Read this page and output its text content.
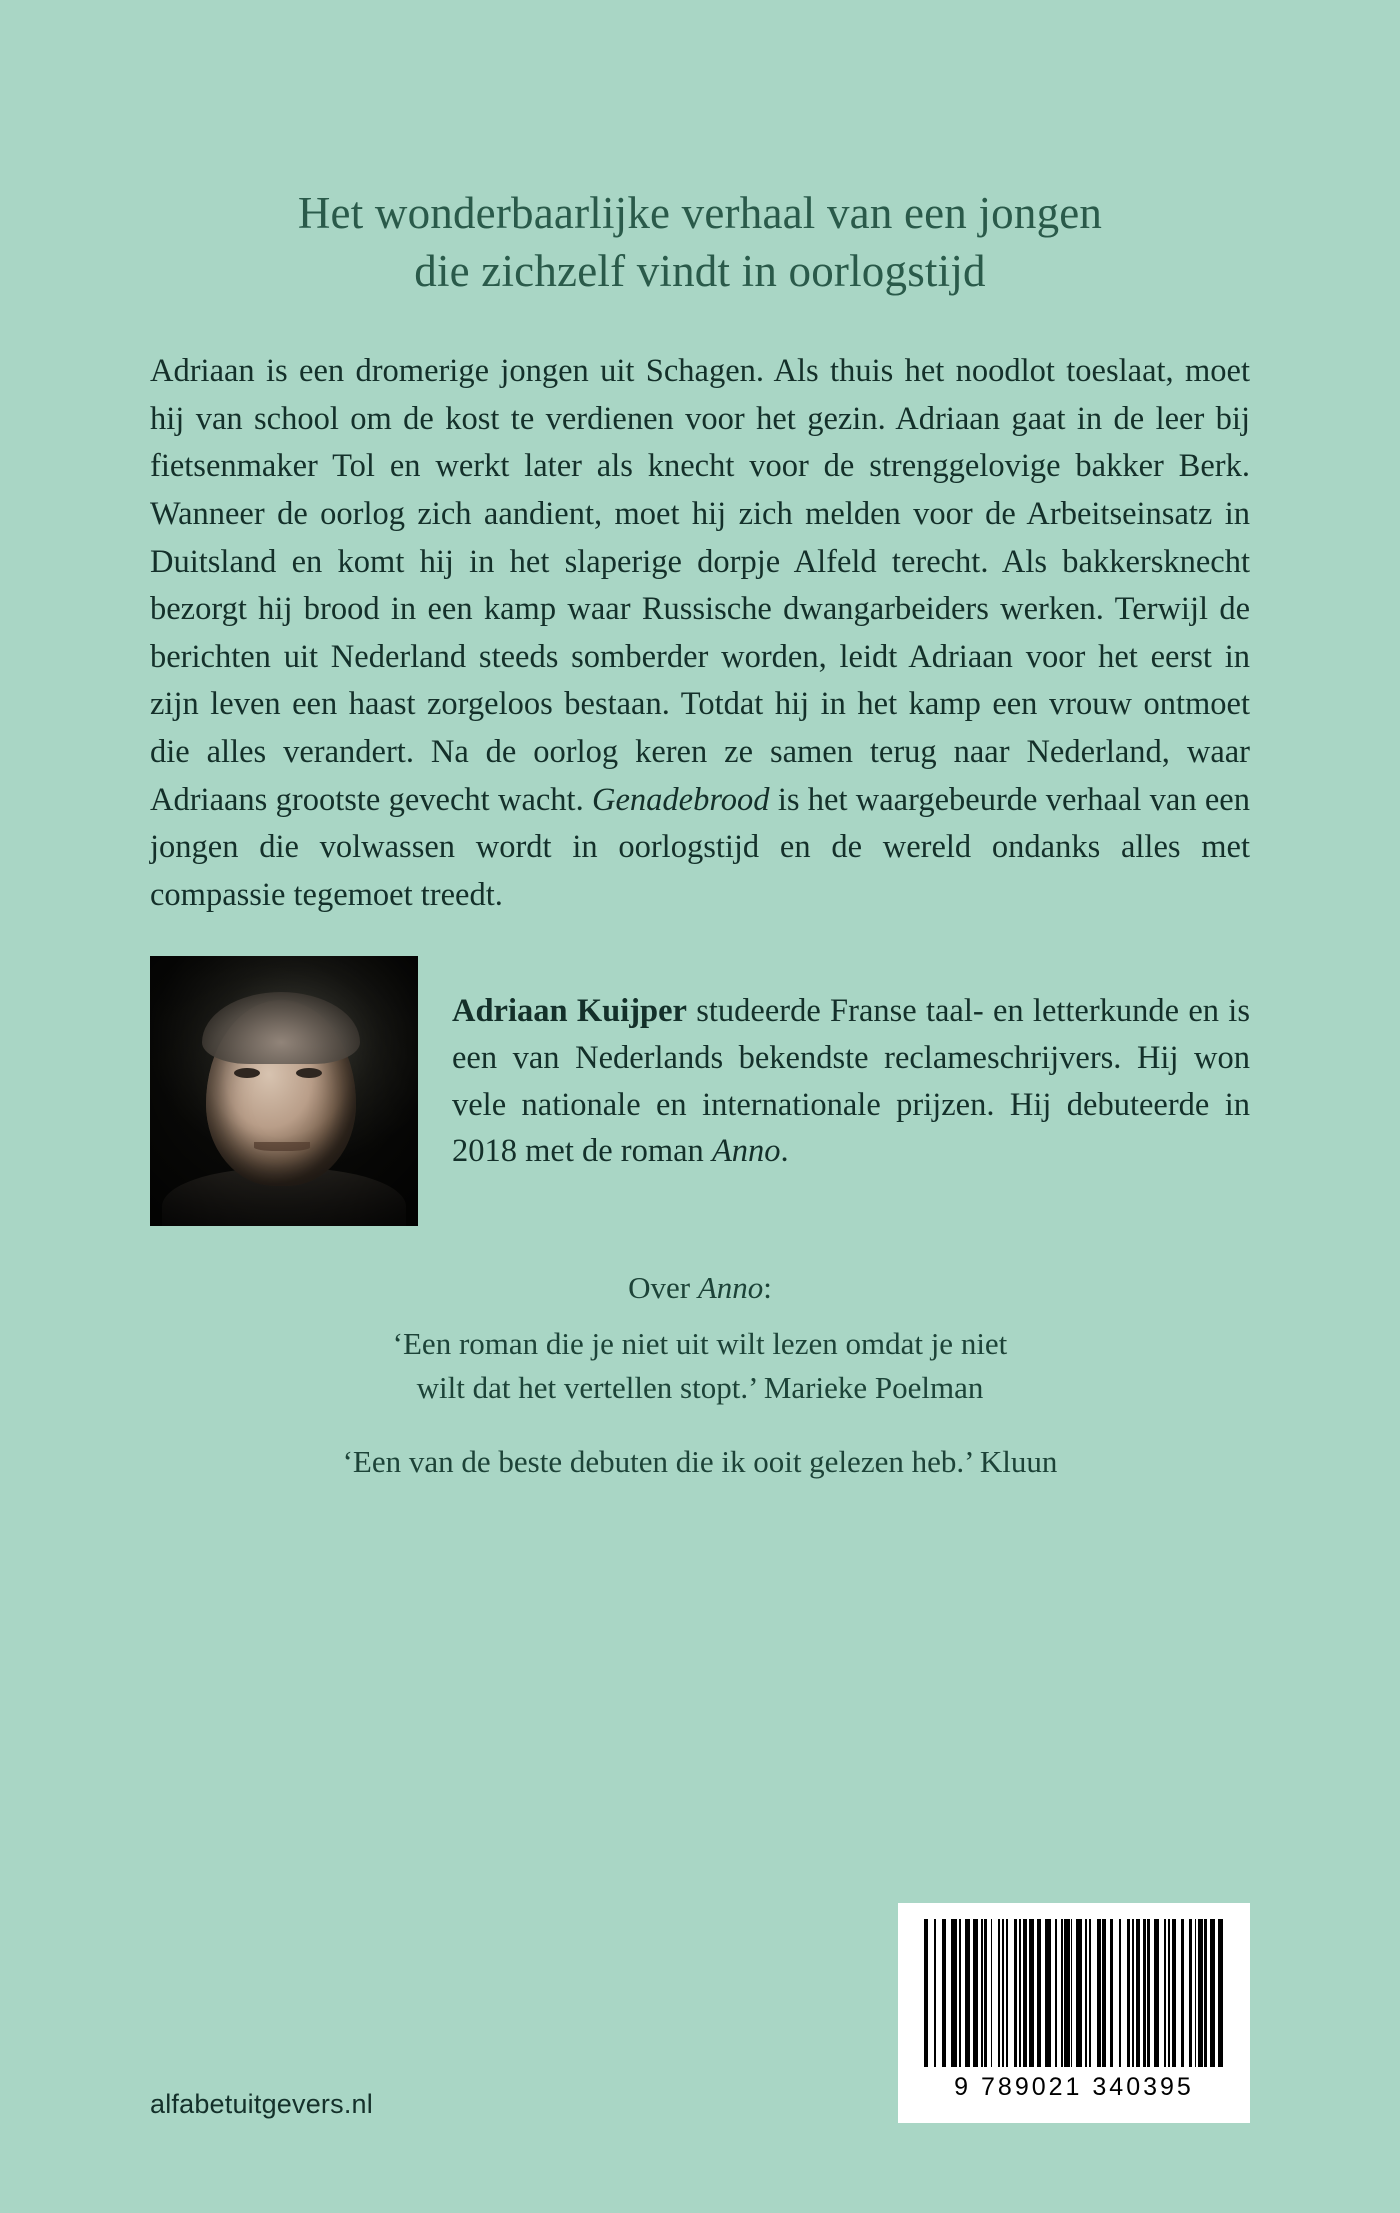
Het wonderbaarlijke verhaal van een jongen
die zichzelf vindt in oorlogstijd

Adriaan is een dromerige jongen uit Schagen. Als thuis het noodlot toeslaat, moet hij van school om de kost te verdienen voor het gezin. Adriaan gaat in de leer bij fietsenmaker Tol en werkt later als knecht voor de strenggelovige bakker Berk. Wanneer de oorlog zich aandient, moet hij zich melden voor de Arbeitseinsatz in Duitsland en komt hij in het slaperige dorpje Alfeld terecht. Als bakkersknecht bezorgt hij brood in een kamp waar Russische dwangarbeiders werken. Terwijl de berichten uit Nederland steeds somberder worden, leidt Adriaan voor het eerst in zijn leven een haast zorgeloos bestaan. Totdat hij in het kamp een vrouw ontmoet die alles verandert. Na de oorlog keren ze samen terug naar Nederland, waar Adriaans grootste gevecht wacht. Genadebrood is het waargebeurde verhaal van een jongen die volwassen wordt in oorlogstijd en de wereld ondanks alles met compassie tegemoet treedt.

Adriaan Kuijper studeerde Franse taal- en letterkunde en is een van Nederlands bekendste reclameschrijvers. Hij won vele nationale en internationale prijzen. Hij debuteerde in 2018 met de roman Anno.

Over Anno:
‘Een roman die je niet uit wilt lezen omdat je niet
wilt dat het vertellen stopt.’ Marieke Poelman
‘Een van de beste debuten die ik ooit gelezen heb.’ Kluun
9 789021 340395
alfabetuitgevers.nl
